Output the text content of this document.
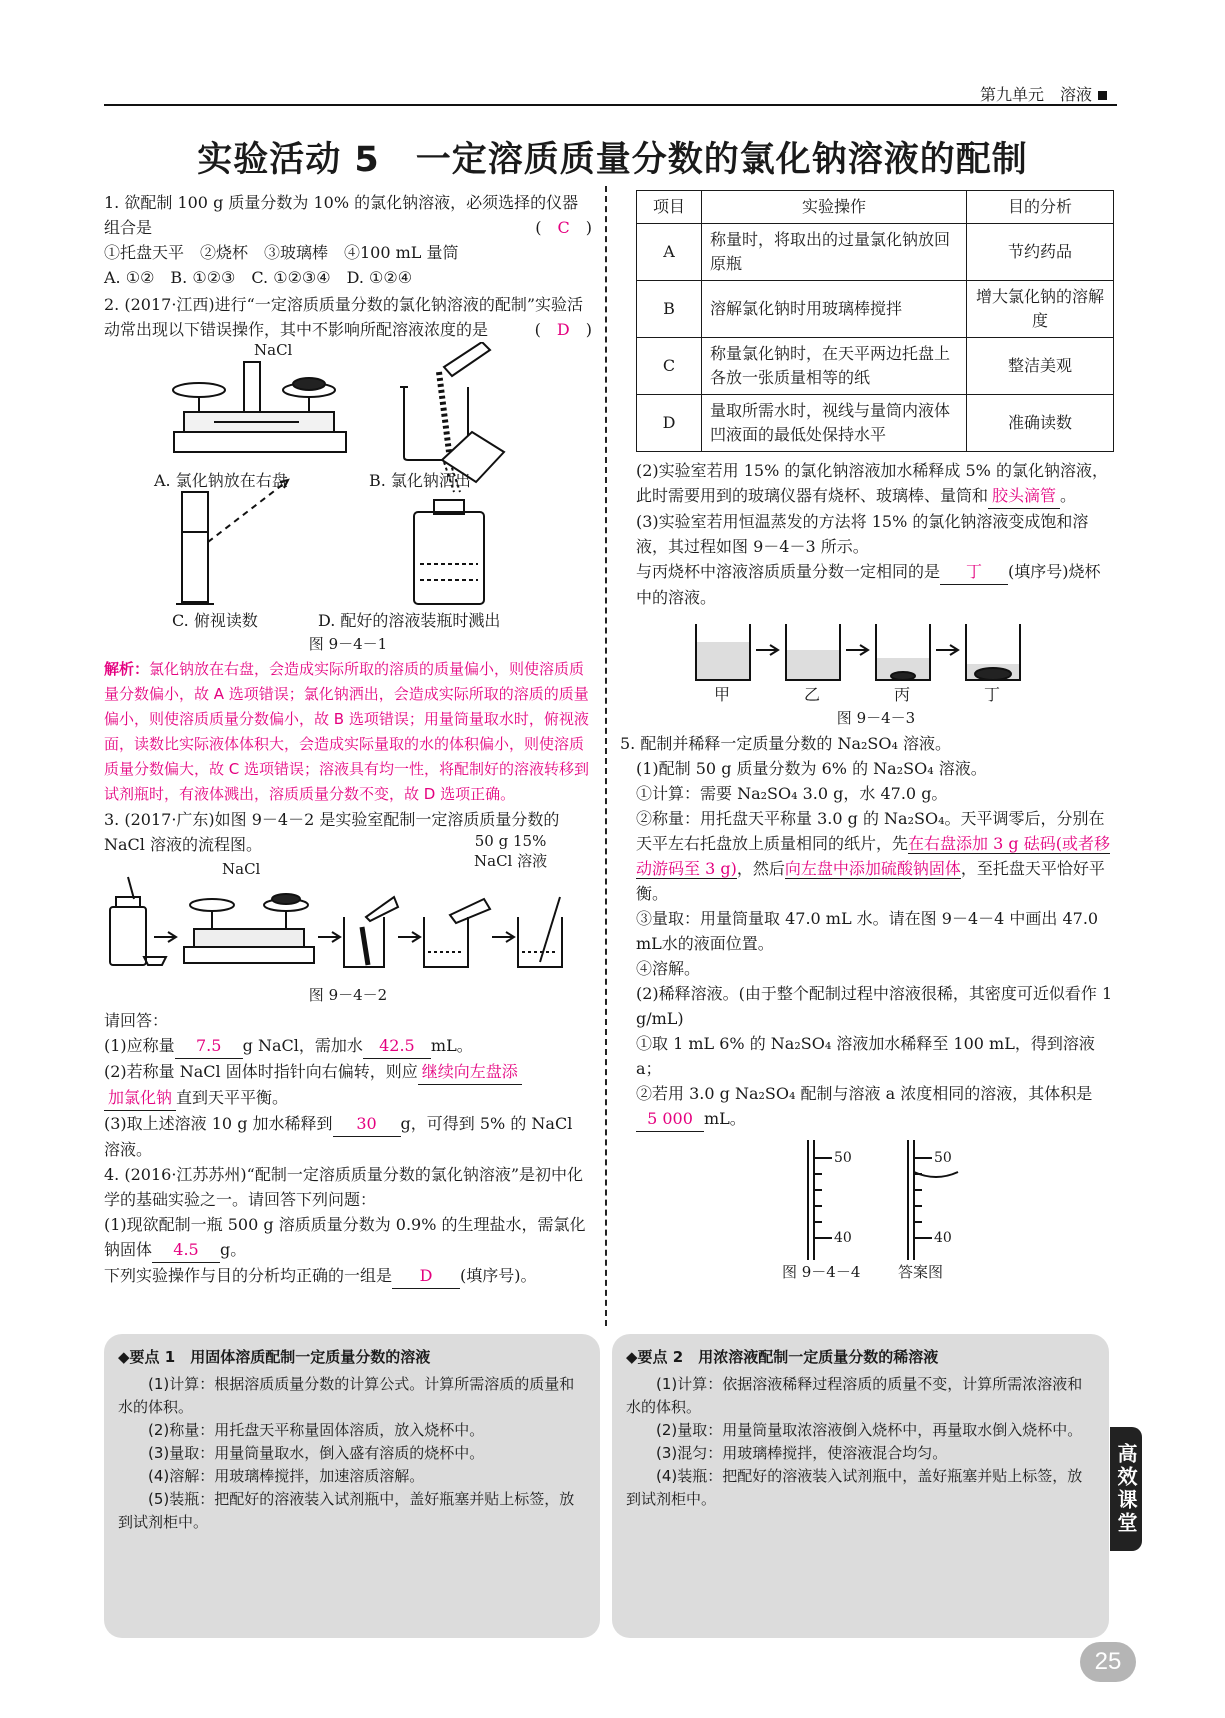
第九单元　溶液
实验活动 5　一定溶质质量分数的氯化钠溶液的配制

1. 欲配制 100 g 质量分数为 10% 的氯化钠溶液，必须选择的仪器组合是　	(　C　)

①托盘天平　②烧杯　③玻璃棒　④100 mL 量筒

A. ①②　B. ①②③　C. ①②③④　D. ①②④

2. (2017·江西)进行“一定溶质质量分数的氯化钠溶液的配制”实验活动常出现以下错误操作，其中不影响所配溶液浓度的是	(　D　)

A. 氯化钠放在右盘	B. 氯化钠洒出
C. 俯视读数	D. 配好的溶液装瓶时溅出
NaCl

图 9－4－1

解析：氯化钠放在右盘，会造成实际所取的溶质的质量偏小，则使溶质质量分数偏小，故 A 选项错误；氯化钠洒出，会造成实际所取的溶质的质量偏小，则使溶质质量分数偏小，故 B 选项错误；用量筒量取水时，俯视液面，读数比实际液体体积大，会造成实际量取的水的体积偏小，则使溶质质量分数偏大，故 C 选项错误；溶液具有均一性，将配制好的溶液转移到试剂瓶时，有液体溅出，溶质质量分数不变，故 D 选项正确。

3. (2017·广东)如图 9－4－2 是实验室配制一定溶质质量分数的 NaCl 溶液的流程图。

NaCl
50 g 15%
NaCl 溶液

图 9－4－2

请回答：

(1)应称量 7.5 g NaCl，需加水 42.5 mL。

(2)若称量 NaCl 固体时指针向右偏转，则应 继续向左盘添
加氯化钠 直到天平平衡。

(3)取上述溶液 10 g 加水稀释到 30 g，可得到 5% 的 NaCl 溶液。

4. (2016·江苏苏州)“配制一定溶质质量分数的氯化钠溶液”是初中化学的基础实验之一。请回答下列问题：

(1)现欲配制一瓶 500 g 溶质质量分数为 0.9% 的生理盐水，需氯化钠固体 4.5 g。

下列实验操作与目的分析均正确的一组是 D (填序号)。

项目	实验操作	目的分析
A	称量时，将取出的过量氯化钠放回原瓶	节约药品
B	溶解氯化钠时用玻璃棒搅拌	增大氯化钠的溶解度
C	称量氯化钠时，在天平两边托盘上各放一张质量相等的纸	整洁美观
D	量取所需水时，视线与量筒内液体凹液面的最低处保持水平	准确读数

(2)实验室若用 15% 的氯化钠溶液加水稀释成 5% 的氯化钠溶液，此时需要用到的玻璃仪器有烧杯、玻璃棒、量筒和 胶头滴管 。

(3)实验室若用恒温蒸发的方法将 15% 的氯化钠溶液变成饱和溶液，其过程如图 9－4－3 所示。

与丙烧杯中溶液溶质质量分数一定相同的是 丁 (填序号)烧杯中的溶液。

甲	乙	丙	丁

图 9－4－3

5. 配制并稀释一定质量分数的 Na₂SO₄ 溶液。

(1)配制 50 g 质量分数为 6% 的 Na₂SO₄ 溶液。

①计算：需要 Na₂SO₄ 3.0 g，水 47.0 g。

②称量：用托盘天平称量 3.0 g 的 Na₂SO₄。天平调零后，分别在天平左右托盘放上质量相同的纸片，先在右盘添加 3 g 砝码(或者移动游码至 3 g)，然后向左盘中添加硫酸钠固体，至托盘天平恰好平衡。

③量取：用量筒量取 47.0 mL 水。请在图 9－4－4 中画出 47.0 mL水的液面位置。

④溶解。

(2)稀释溶液。(由于整个配制过程中溶液很稀，其密度可近似看作 1 g/mL)

①取 1 mL 6% 的 Na₂SO₄ 溶液加水稀释至 100 mL，得到溶液 a；

②若用 3.0 g Na₂SO₄ 配制与溶液 a 浓度相同的溶液，其体积是5 000 mL。

50
40
50
40
图 9－4－4	答案图
◆要点 1　用固体溶质配制一定质量分数的溶液

(1)计算：根据溶质质量分数的计算公式。计算所需溶质的质量和水的体积。

(2)称量：用托盘天平称量固体溶质，放入烧杯中。

(3)量取：用量筒量取水，倒入盛有溶质的烧杯中。

(4)溶解：用玻璃棒搅拌，加速溶质溶解。

(5)装瓶：把配好的溶液装入试剂瓶中，盖好瓶塞并贴上标签，放到试剂柜中。

◆要点 2　用浓溶液配制一定质量分数的稀溶液

(1)计算：依据溶液稀释过程溶质的质量不变，计算所需浓溶液和水的体积。

(2)量取：用量筒量取浓溶液倒入烧杯中，再量取水倒入烧杯中。

(3)混匀：用玻璃棒搅拌，使溶液混合均匀。

(4)装瓶：把配好的溶液装入试剂瓶中，盖好瓶塞并贴上标签，放到试剂柜中。	高效课堂
25
